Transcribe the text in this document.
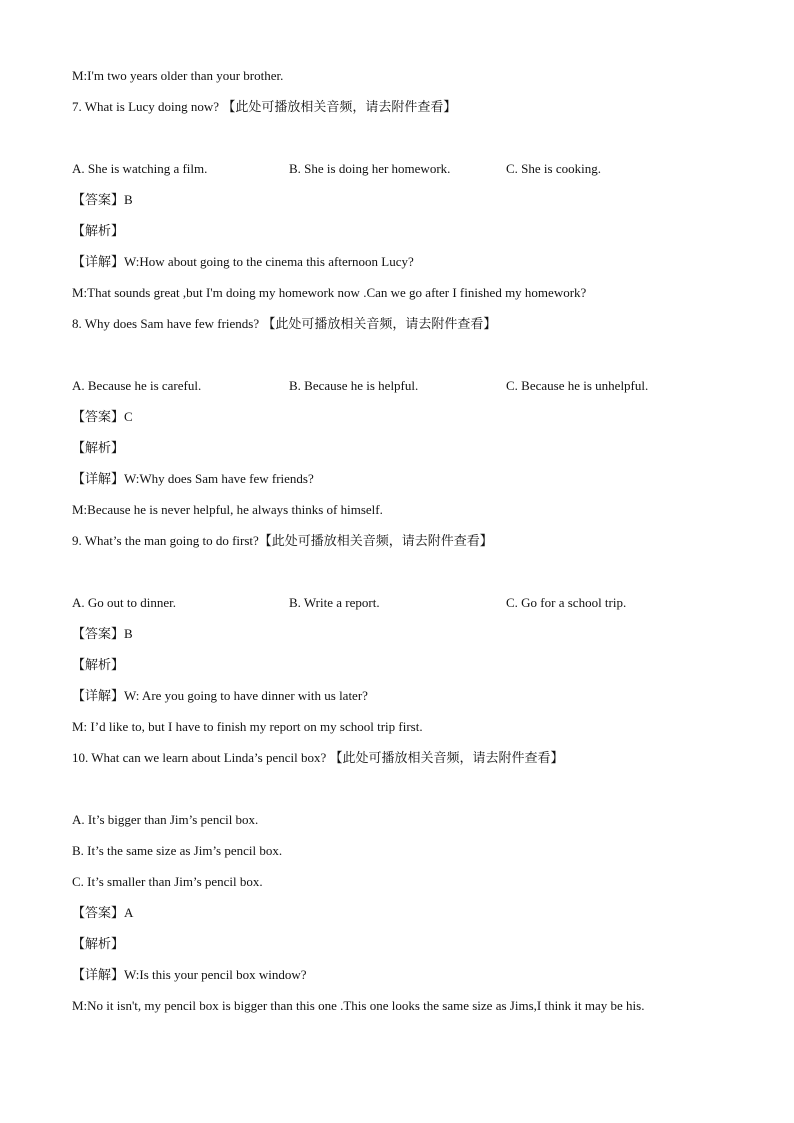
M:I'm two years older than your brother.
7. What is Lucy doing now? 【此处可播放相关音频，请去附件查看】
A. She is watching a film.	B. She is doing her homework.	C. She is cooking.
【答案】B
【解析】
【详解】W:How about going to the cinema this afternoon Lucy?
M:That sounds great ,but I'm doing my homework now .Can we go after I finished my homework?
8. Why does Sam have few friends? 【此处可播放相关音频，请去附件查看】
A. Because he is careful.	B. Because he is helpful.	C. Because he is unhelpful.
【答案】C
【解析】
【详解】W:Why does Sam have few friends?
M:Because he is never helpful, he always thinks of himself.
9. What’s the man going to do first?【此处可播放相关音频，请去附件查看】
A. Go out to dinner.	B. Write a report.	C. Go for a school trip.
【答案】B
【解析】
【详解】W: Are you going to have dinner with us later?
M: I’d like to, but I have to finish my report on my school trip first.
10. What can we learn about Linda’s pencil box? 【此处可播放相关音频，请去附件查看】
A. It’s bigger than Jim’s pencil box.
B. It’s the same size as Jim’s pencil box.
C. It’s smaller than Jim’s pencil box.
【答案】A
【解析】
【详解】W:Is this your pencil box window?
M:No it isn't, my pencil box is bigger than this one .This one looks the same size as Jims,I think it may be his.
